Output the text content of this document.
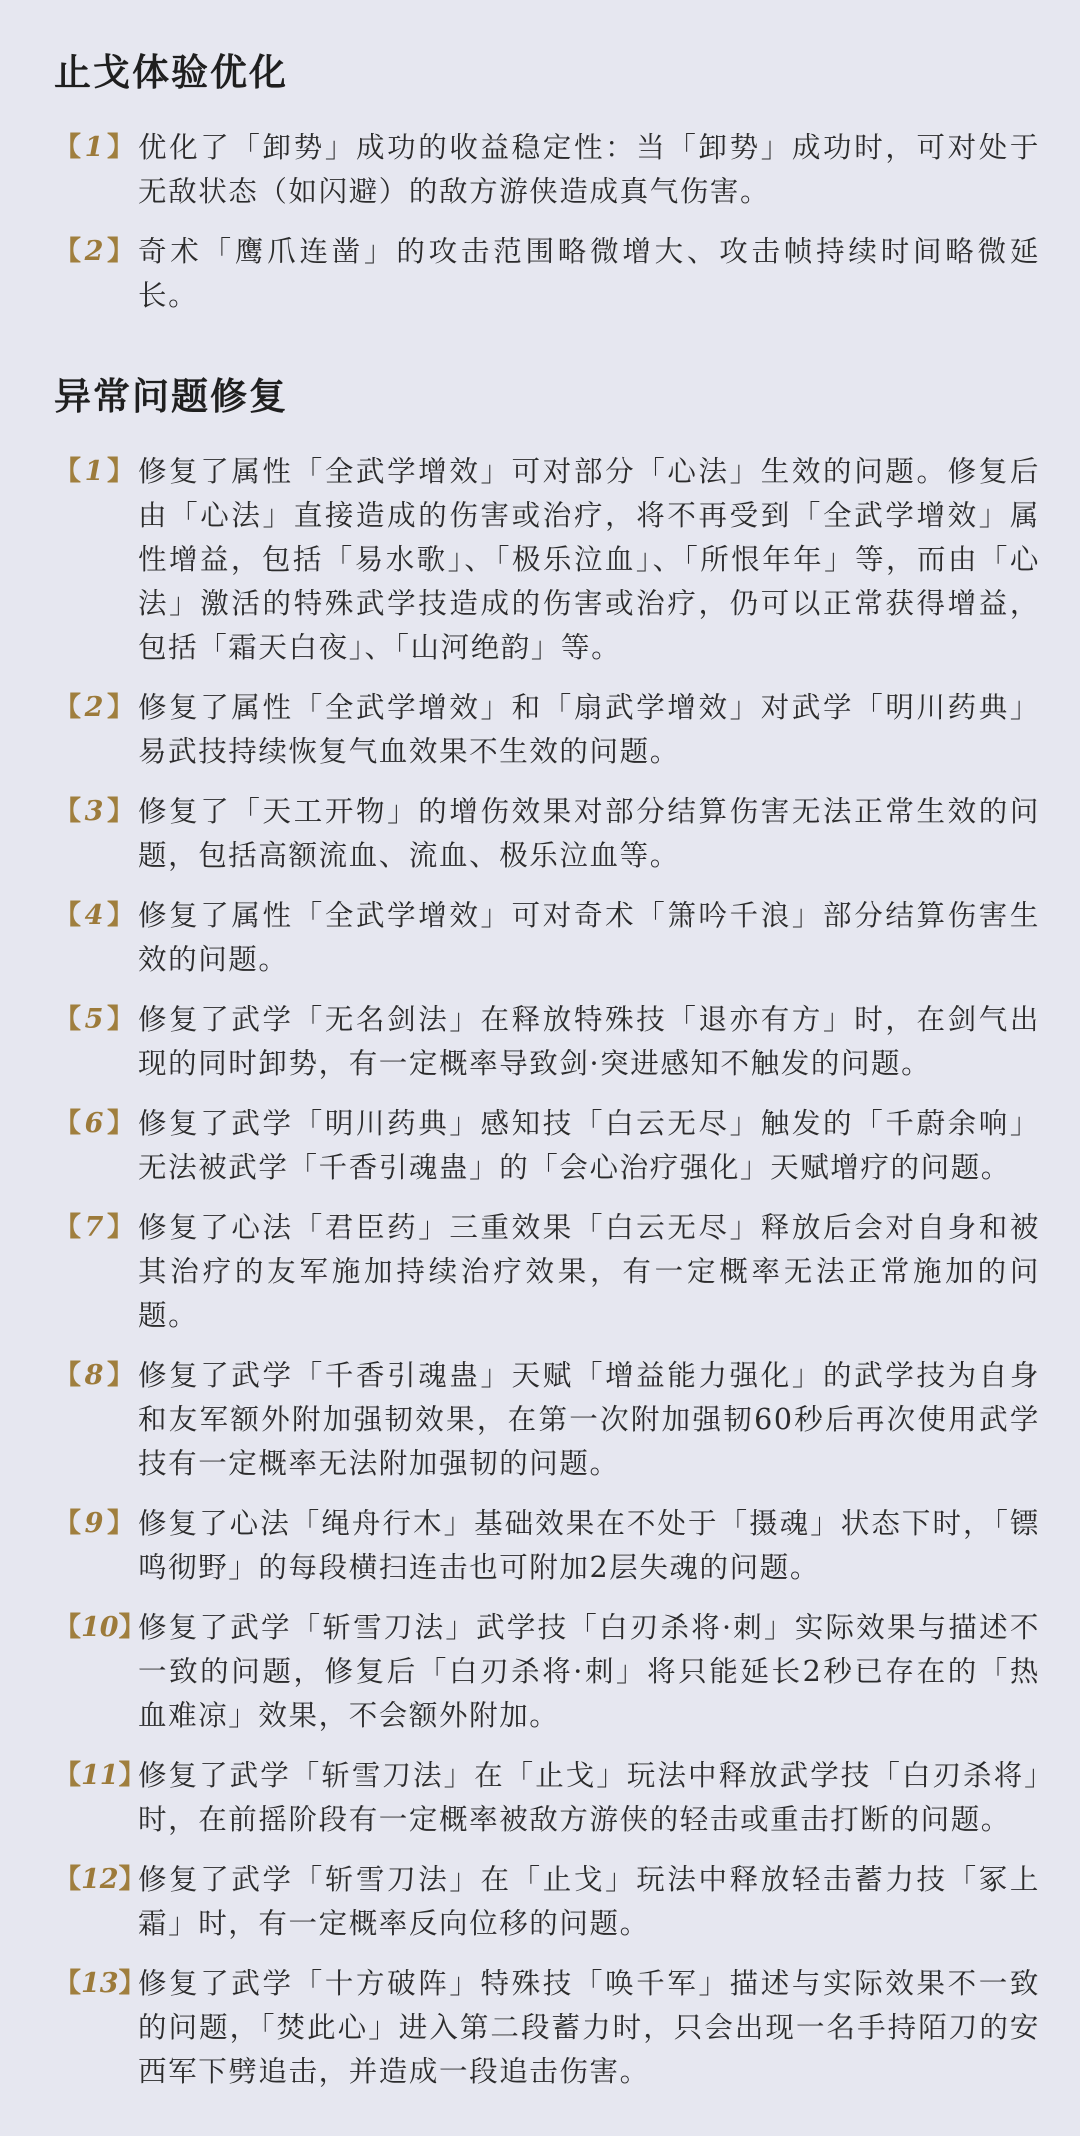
止戈体验优化
【 1 】 优化了「卸势」成功的收益稳定性：当「卸势」成功时，可对处于无敌状态（如闪避）的敌方游侠造成真气伤害。
【 2 】 奇术「鹰爪连凿」的攻击范围略微增大、攻击帧持续时间略微延长。
异常问题修复
【 1 】 修复了属性「全武学增效」可对部分「心法」生效的问题。修复后由「心法」直接造成的伤害或治疗，将不再受到「全武学增效」属性增益，包括「易水歌」、「极乐泣血」、「所恨年年」等，而由「心法」激活的特殊武学技造成的伤害或治疗，仍可以正常获得增益，包括「霜天白夜」、「山河绝韵」等。
【 2 】 修复了属性「全武学增效」和「扇武学增效」对武学「明川药典」易武技持续恢复气血效果不生效的问题。
【 3 】 修复了「天工开物」的增伤效果对部分结算伤害无法正常生效的问题，包括高额流血、流血、极乐泣血等。
【 4 】 修复了属性「全武学增效」可对奇术「箫吟千浪」部分结算伤害生效的问题。
【 5 】 修复了武学「无名剑法」在释放特殊技「退亦有方」时，在剑气出现的同时卸势，有一定概率导致剑·突进感知不触发的问题。
【 6 】 修复了武学「明川药典」感知技「白云无尽」触发的「千蔚余响」无法被武学「千香引魂蛊」的「会心治疗强化」天赋增疗的问题。
【 7 】 修复了心法「君臣药」三重效果「白云无尽」释放后会对自身和被其治疗的友军施加持续治疗效果，有一定概率无法正常施加的问题。
【 8 】 修复了武学「千香引魂蛊」天赋「增益能力强化」的武学技为自身和友军额外附加强韧效果，在第一次附加强韧60秒后再次使用武学技有一定概率无法附加强韧的问题。
【 9 】 修复了心法「绳舟行木」基础效果在不处于「摄魂」状态下时，「镖鸣彻野」的每段横扫连击也可附加2层失魂的问题。
【10】
修复了武学「斩雪刀法」武学技「白刃杀将·刺」实际效果与描述不一致的问题，修复后「白刃杀将·刺」将只能延长2秒已存在的「热血难凉」效果，不会额外附加。
【11】
修复了武学「斩雪刀法」在「止戈」玩法中释放武学技「白刃杀将」时，在前摇阶段有一定概率被敌方游侠的轻击或重击打断的问题。
【12】
修复了武学「斩雪刀法」在「止戈」玩法中释放轻击蓄力技「冢上霜」时，有一定概率反向位移的问题。
【13】
修复了武学「十方破阵」特殊技「唤千军」描述与实际效果不一致的问题，「焚此心」进入第二段蓄力时，只会出现一名手持陌刀的安西军下劈追击，并造成一段追击伤害。
